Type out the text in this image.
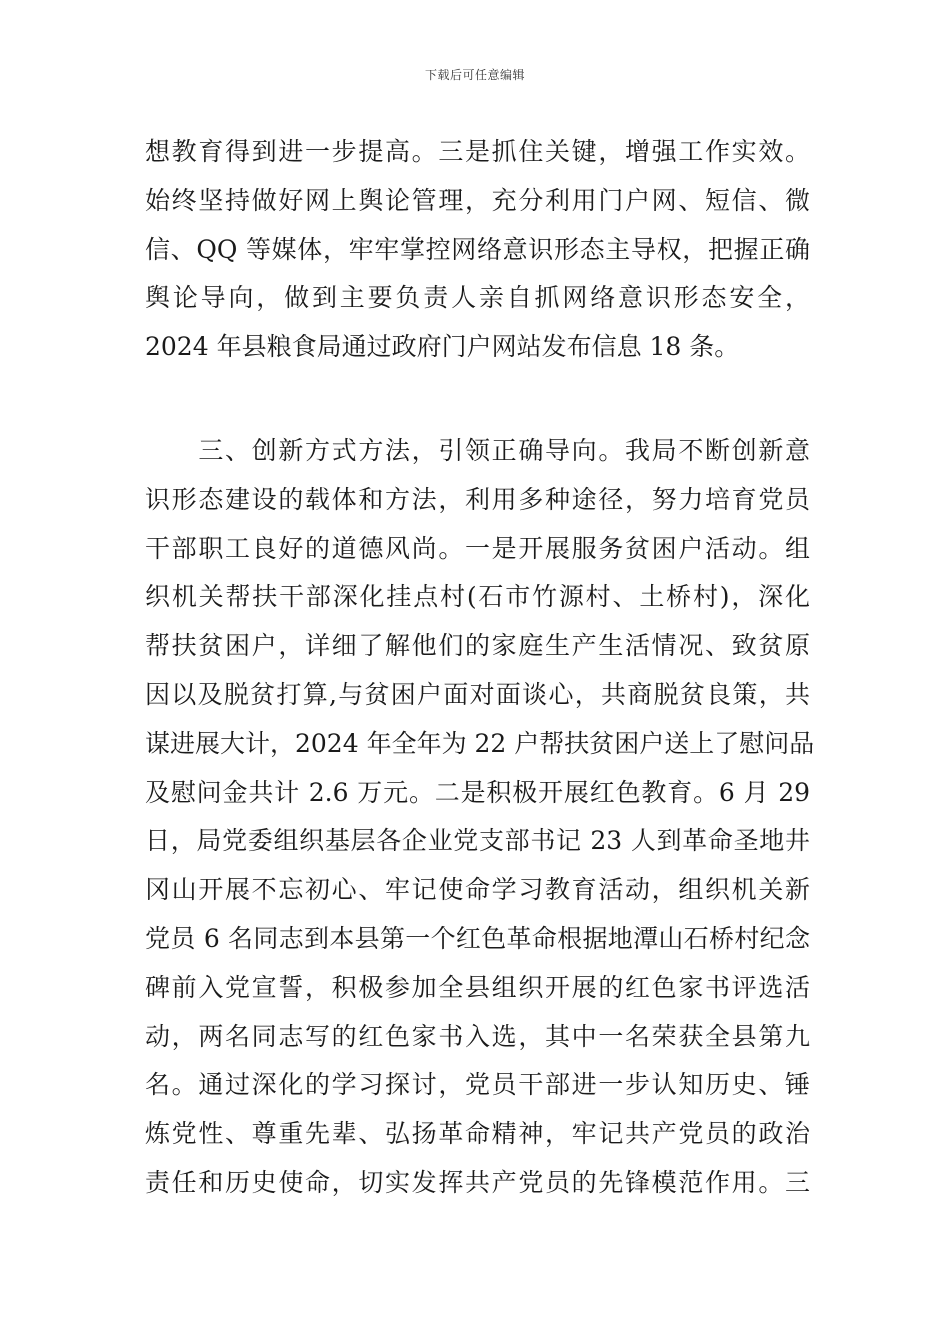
下载后可任意编辑
想教育得到进一步提高。三是抓住关键，增强工作实效。
始终坚持做好网上舆论管理，充分利用门户网、短信、微
信、QQ 等媒体，牢牢掌控网络意识形态主导权，把握正确
舆论导向，做到主要负责人亲自抓网络意识形态安全，
2024 年县粮食局通过政府门户网站发布信息 18 条。
　　三、创新方式方法，引领正确导向。我局不断创新意
识形态建设的载体和方法，利用多种途径，努力培育党员
干部职工良好的道德风尚。一是开展服务贫困户活动。组
织机关帮扶干部深化挂点村(石市竹源村、土桥村)，深化
帮扶贫困户，详细了解他们的家庭生产生活情况、致贫原
因以及脱贫打算,与贫困户面对面谈心，共商脱贫良策，共
谋进展大计，2024 年全年为 22 户帮扶贫困户送上了慰问品
及慰问金共计 2.6 万元。二是积极开展红色教育。6 月 29
日，局党委组织基层各企业党支部书记 23 人到革命圣地井
冈山开展不忘初心、牢记使命学习教育活动，组织机关新
党员 6 名同志到本县第一个红色革命根据地潭山石桥村纪念
碑前入党宣誓，积极参加全县组织开展的红色家书评选活
动，两名同志写的红色家书入选，其中一名荣获全县第九
名。通过深化的学习探讨，党员干部进一步认知历史、锤
炼党性、尊重先辈、弘扬革命精神，牢记共产党员的政治
责任和历史使命，切实发挥共产党员的先锋模范作用。三
